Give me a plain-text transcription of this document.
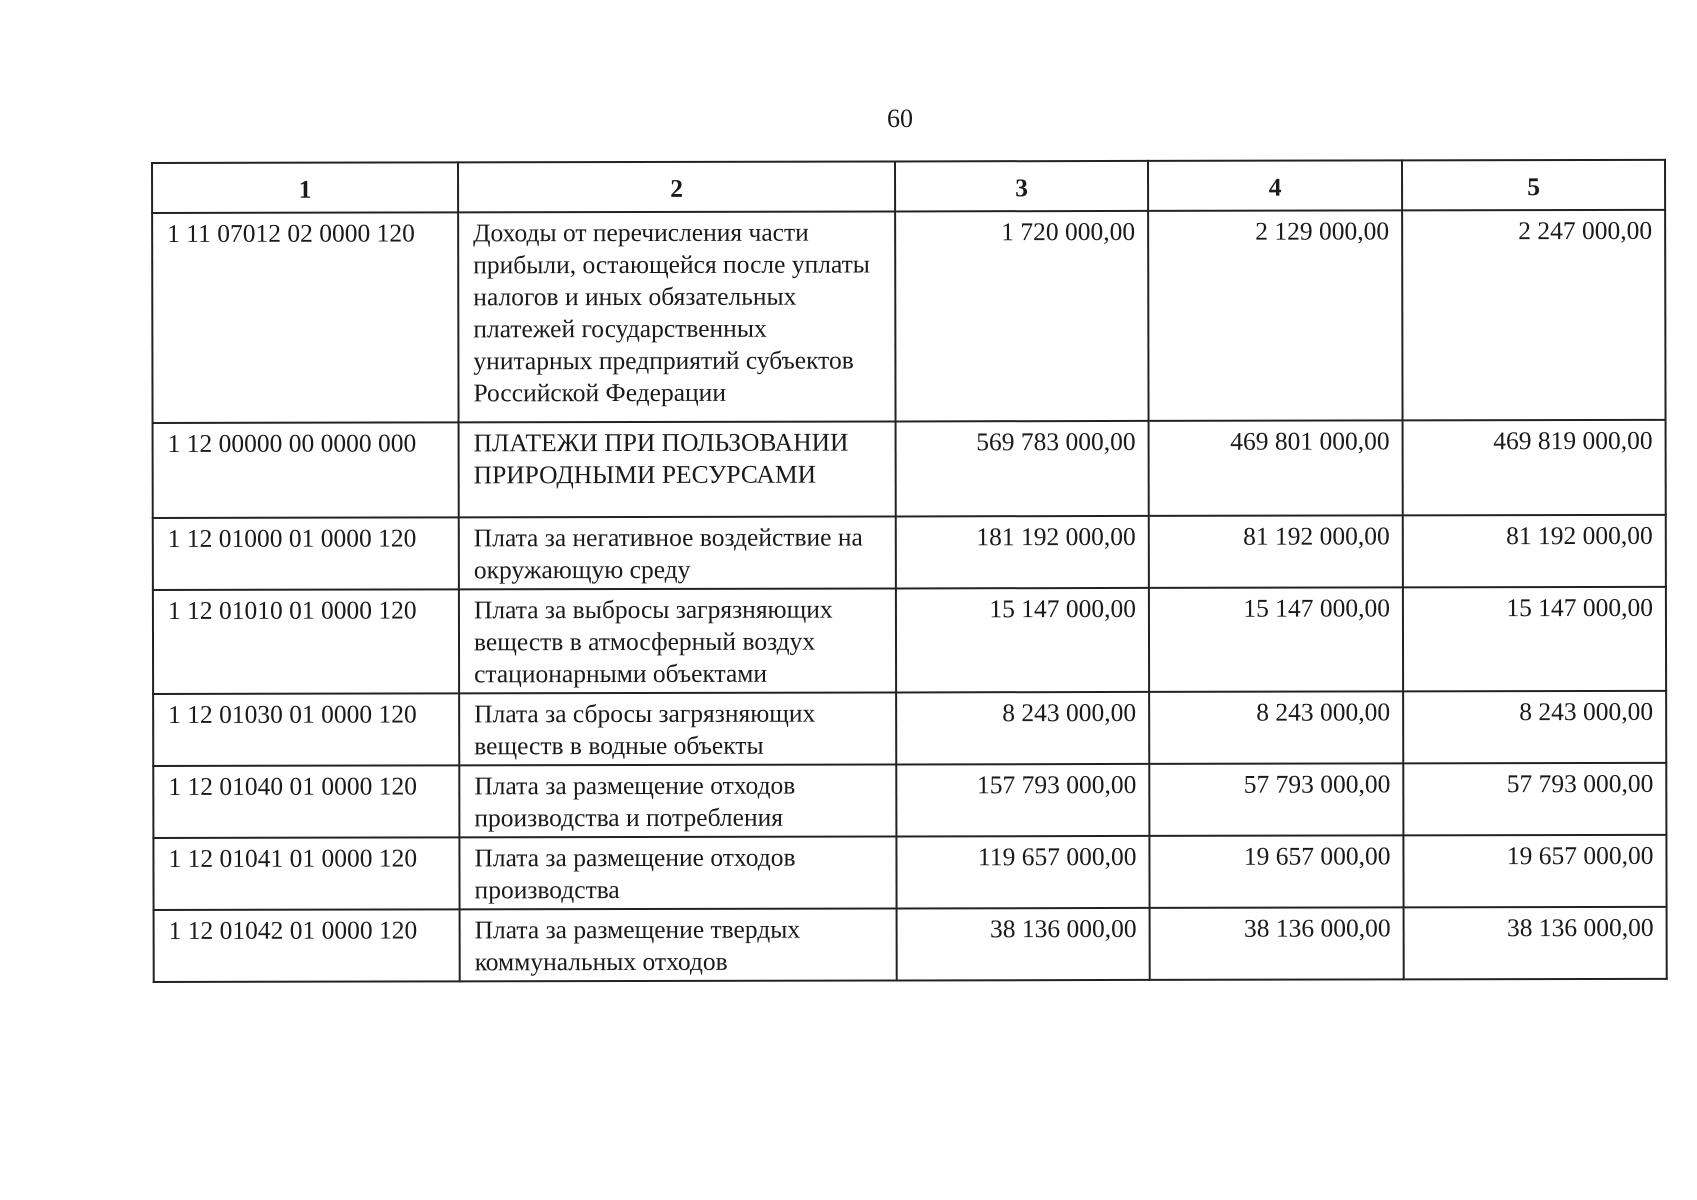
60
1	2	3	4	5
1 11 07012 02 0000 120	Доходы от перечисления части прибыли, остающейся после уплаты налогов и иных обязательных платежей государственных унитарных предприятий субъектов Российской Федерации	1 720 000,00	2 129 000,00	2 247 000,00
1 12 00000 00 0000 000	ПЛАТЕЖИ ПРИ ПОЛЬЗОВАНИИ ПРИРОДНЫМИ РЕСУРСАМИ	569 783 000,00	469 801 000,00	469 819 000,00
1 12 01000 01 0000 120	Плата за негативное воздействие на окружающую среду	181 192 000,00	81 192 000,00	81 192 000,00
1 12 01010 01 0000 120	Плата за выбросы загрязняющих веществ в атмосферный воздух стационарными объектами	15 147 000,00	15 147 000,00	15 147 000,00
1 12 01030 01 0000 120	Плата за сбросы загрязняющих веществ в водные объекты	8 243 000,00	8 243 000,00	8 243 000,00
1 12 01040 01 0000 120	Плата за размещение отходов производства и потребления	157 793 000,00	57 793 000,00	57 793 000,00
1 12 01041 01 0000 120	Плата за размещение отходов производства	119 657 000,00	19 657 000,00	19 657 000,00
1 12 01042 01 0000 120	Плата за размещение твердых коммунальных отходов	38 136 000,00	38 136 000,00	38 136 000,00
